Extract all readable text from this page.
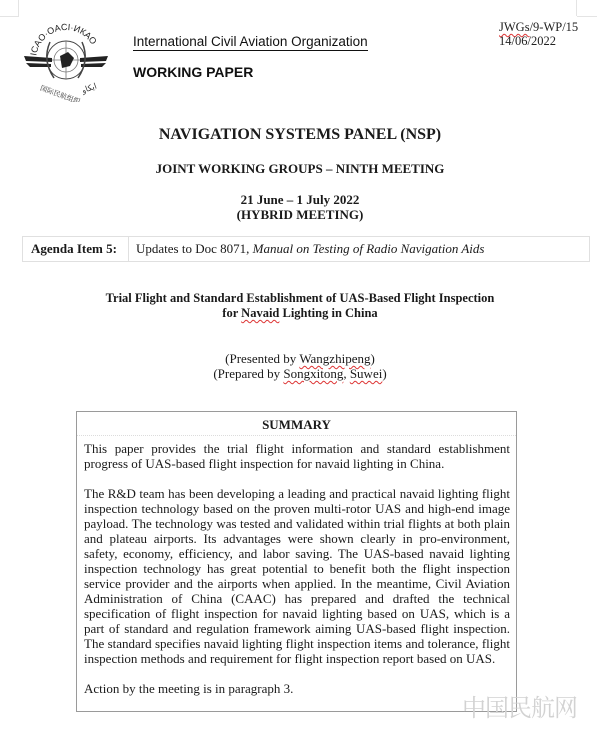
ICAO·OACI·ИКАО
国际民航组织 ايكاو
International Civil Aviation Organization
WORKING PAPER
JWGs/9-WP/15
14/06/2022
NAVIGATION SYSTEMS PANEL (NSP)
JOINT WORKING GROUPS – NINTH MEETING
21 June – 1 July 2022
(HYBRID MEETING)
Agenda Item 5:	Updates to Doc 8071, Manual on Testing of Radio Navigation Aids
Trial Flight and Standard Establishment of UAS-Based Flight Inspection
for Navaid Lighting in China
(Presented by Wangzhipeng)
(Prepared by Songxitong, Suwei)
SUMMARY

This paper provides the trial flight information and standard establishment progress of UAS-based flight inspection for navaid lighting in China.

The R&D team has been developing a leading and practical navaid lighting flight inspection technology based on the proven multi-rotor UAS and high-end image payload. The technology was tested and validated within trial flights at both plain and plateau airports. Its advantages were shown clearly in pro-environment, safety, economy, efficiency, and labor saving. The UAS-based navaid lighting inspection technology has great potential to benefit both the flight inspection service provider and the airports when applied. In the meantime, Civil Aviation Administration of China (CAAC) has prepared and drafted the technical specification of flight inspection for navaid lighting based on UAS, which is a part of standard and regulation framework aiming UAS-based flight inspection. The standard specifies navaid lighting flight inspection items and tolerance, flight inspection methods and requirement for flight inspection report based on UAS.

Action by the meeting is in paragraph 3.

中国民航网
